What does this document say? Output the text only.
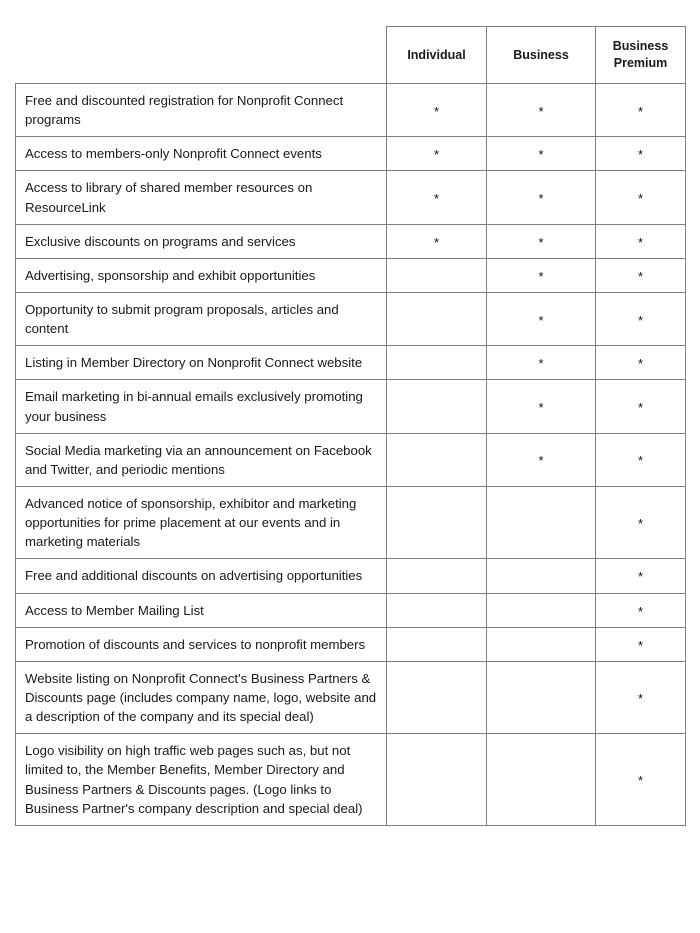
	Individual	Business	Business
Premium
Free and discounted registration for Nonprofit Connect programs	*	*	*
Access to members-only Nonprofit Connect events	*	*	*
Access to library of shared member resources on ResourceLink	*	*	*
Exclusive discounts on programs and services	*	*	*
Advertising, sponsorship and exhibit opportunities		*	*
Opportunity to submit program proposals, articles and content		*	*
Listing in Member Directory on Nonprofit Connect website		*	*
Email marketing in bi-annual emails exclusively promoting your business		*	*
Social Media marketing via an announcement on Facebook and Twitter, and periodic mentions		*	*
Advanced notice of sponsorship, exhibitor and marketing opportunities for prime placement at our events and in marketing materials			*
Free and additional discounts on advertising opportunities			*
Access to Member Mailing List			*
Promotion of discounts and services to nonprofit members			*
Website listing on Nonprofit Connect's Business Partners & Discounts page (includes company name, logo, website and a description of the company and its special deal)			*
Logo visibility on high traffic web pages such as, but not limited to, the Member Benefits, Member Directory and Business Partners & Discounts pages. (Logo links to Business Partner's company description and special deal)			*
